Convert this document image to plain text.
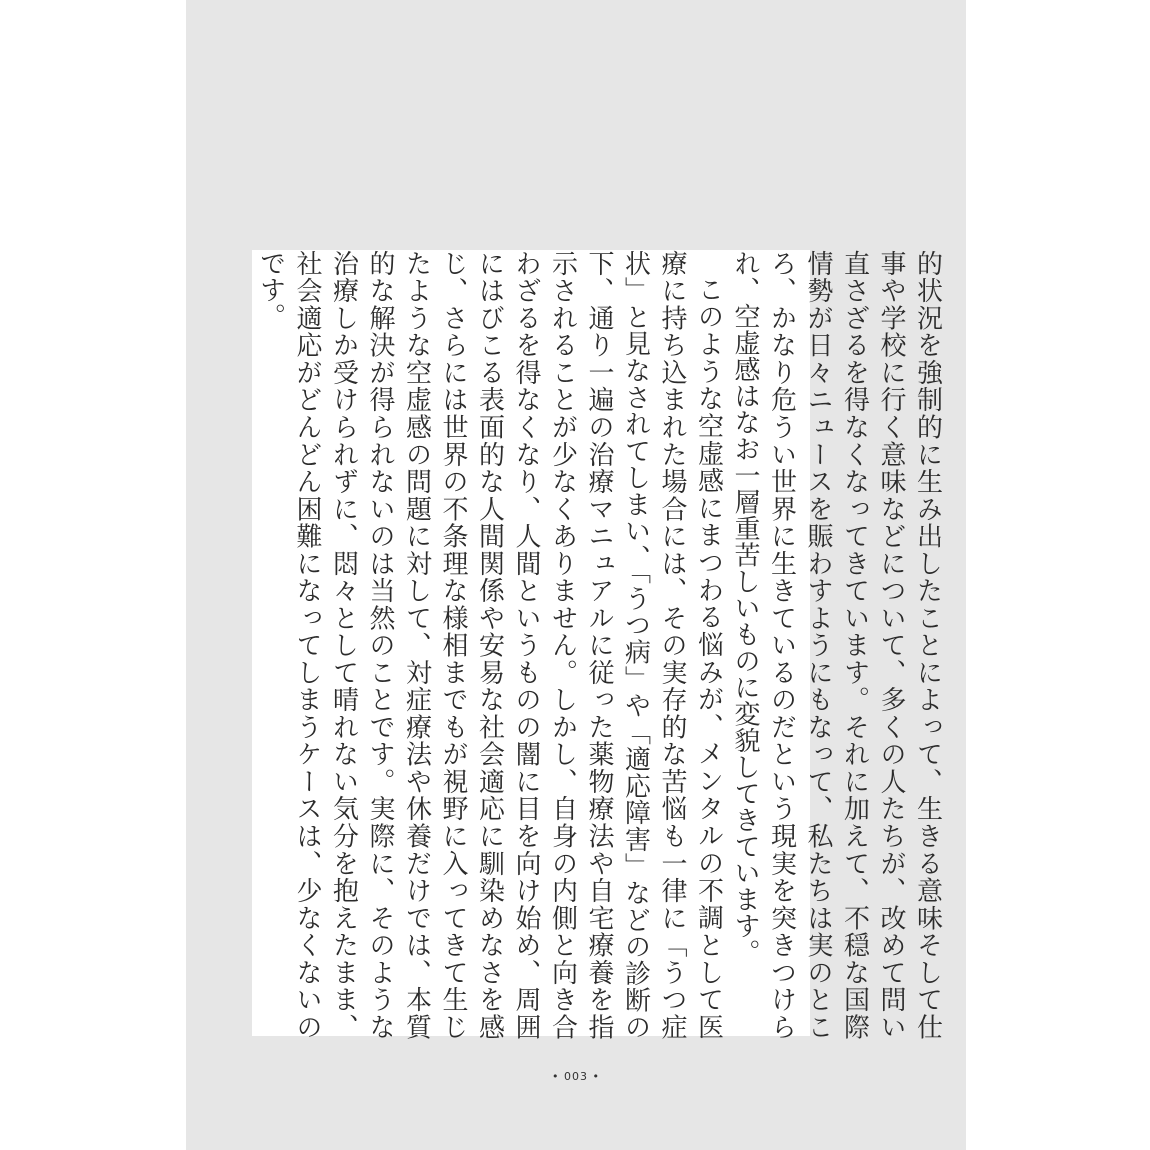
的状況を強制的に生み出したことによって、生きる意味そして仕事や学校に行く意味などについて、多くの人たちが、改めて問い直さざるを得なくなってきています。それに加えて、不穏な国際情勢が日々ニュースを賑わすようにもなって、私たちは実のところ、かなり危うい世界に生きているのだという現実を突きつけられ、空虚感はなお一層重苦しいものに変貌してきています。

このような空虚感にまつわる悩みが、メンタルの不調として医療に持ち込まれた場合には、その実存的な苦悩も一律に「うつ症状」と見なされてしまい、「うつ病」や「適応障害」などの診断の下、通り一遍の治療マニュアルに従った薬物療法や自宅療養を指示されることが少なくありません。しかし、自身の内側と向き合わざるを得なくなり、人間というものの闇に目を向け始め、周囲にはびこる表面的な人間関係や安易な社会適応に馴染めなさを感じ、さらには世界の不条理な様相までもが視野に入ってきて生じたような空虚感の問題に対して、対症療法や休養だけでは、本質的な解決が得られないのは当然のことです。実際に、そのような治療しか受けられずに、悶々として晴れない気分を抱えたまま、社会適応がどんどん困難になってしまうケースは、少なくないのです。

• 003 •
